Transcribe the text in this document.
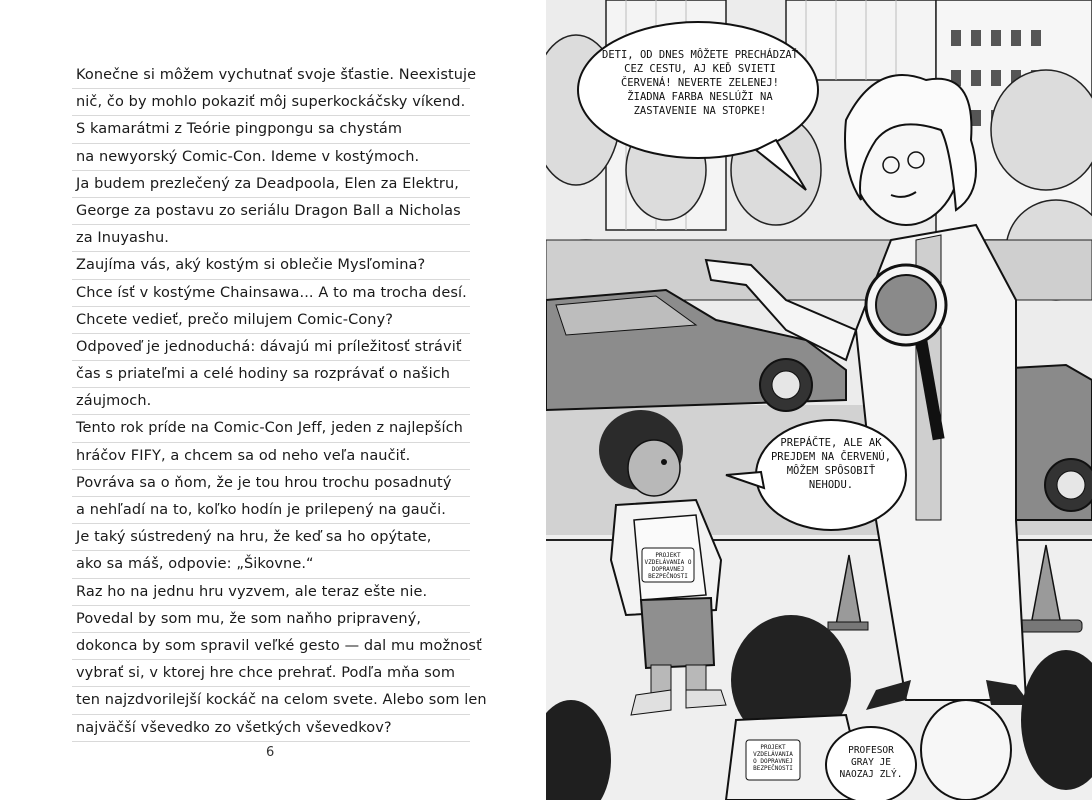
Konečne si môžem vychutnať svoje šťastie. Neexistuje
nič, čo by mohlo pokaziť môj superkockáčsky víkend.
S kamarátmi z Teórie pingpongu sa chystám
na newyorský Comic-Con. Ideme v kostýmoch.
Ja budem prezlečený za Deadpoola, Elen za Elektru,
George za postavu zo seriálu Dragon Ball a Nicholas
za Inuyashu.
Zaujíma vás, aký kostým si oblečie Mysľomina?
Chce ísť v kostýme Chainsawa... A to ma trocha desí.
Chcete vedieť, prečo milujem Comic-Cony?
Odpoveď je jednoduchá: dávajú mi príležitosť stráviť
čas s priateľmi a celé hodiny sa rozprávať o našich
záujmoch.
Tento rok príde na Comic-Con Jeff, jeden z najlepších
hráčov FIFY, a chcem sa od neho veľa naučiť.
Povráva sa o ňom, že je tou hrou trochu posadnutý
a nehľadí na to, koľko hodín je prilepený na gauči.
Je taký sústredený na hru, že keď sa ho opýtate,
ako sa máš, odpovie: „Šikovne.“
Raz ho na jednu hru vyzvem, ale teraz ešte nie.
Povedal by som mu, že som naňho pripravený,
dokonca by som spravil veľké gesto — dal mu možnosť
vybrať si, v ktorej hre chce prehrať. Podľa mňa som
ten najzdvorilejší kockáč na celom svete. Alebo som len
najväčší vševedko zo všetkých vševedkov?
6
DETI, OD DNES MÔŽETE PRECHÁDZAŤ CEZ CESTU, AJ KEĎ SVIETI ČERVENÁ! NEVERTE ZELENEJ! ŽIADNA FARBA NESLÚŽI NA ZASTAVENIE NA STOPKE!
PREPÁČTE, ALE AK PREJDEM NA ČERVENÚ, MÔŽEM SPÔSOBIŤ NEHODU.
PROFESOR GRAY JE NAOZAJ ZLÝ.
PROJEKT VZDELÁVANIA O DOPRAVNEJ BEZPEČNOSTI
PROJEKT VZDELÁVANIA O DOPRAVNEJ BEZPEČNOSTI
